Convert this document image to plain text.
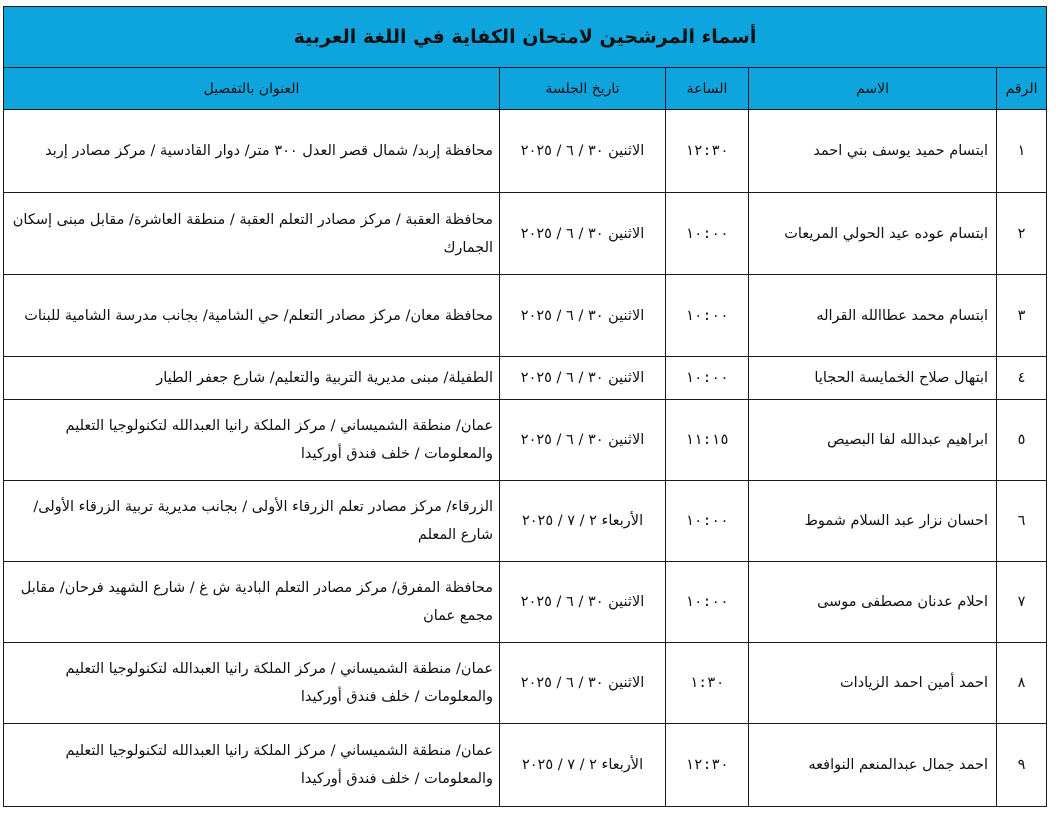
أسماء المرشحين لامتحان الكفاية في اللغة العربية				
الرقم	الاسم	الساعة	تاريخ الجلسة	العنوان بالتفصيل
١	ابتسام حميد يوسف بني احمد	١٢:٣٠	الاثنين ٣٠ / ٦ / ٢٠٢٥	محافظة إربد/ شمال قصر العدل ٣٠٠ متر/ دوار القادسية / مركز مصادر إربد
٢	ابتسام عوده عيد الحولي المريعات	١٠:٠٠	الاثنين ٣٠ / ٦ / ٢٠٢٥	محافظة العقبة / مركز مصادر التعلم العقبة / منطقة العاشرة/ مقابل مبنى إسكان الجمارك
٣	ابتسام محمد عطاالله القراله	١٠:٠٠	الاثنين ٣٠ / ٦ / ٢٠٢٥	محافظة معان/ مركز مصادر التعلم/ حي الشامية/ بجانب مدرسة الشامية للبنات
٤	ابتهال صلاح الخمايسة الحجايا	١٠:٠٠	الاثنين ٣٠ / ٦ / ٢٠٢٥	الطفيلة/ مبنى مديرية التربية والتعليم/ شارع جعفر الطيار
٥	ابراهيم عبدالله لفا البصيص	١١:١٥	الاثنين ٣٠ / ٦ / ٢٠٢٥	عمان/ منطقة الشميساني / مركز الملكة رانيا العبدالله لتكنولوجيا التعليم والمعلومات / خلف فندق أوركيدا
٦	احسان نزار عبد السلام شموط	١٠:٠٠	الأربعاء ٢ / ٧ / ٢٠٢٥	الزرقاء/ مركز مصادر تعلم الزرقاء الأولى / بجانب مديرية تربية الزرقاء الأولى/ شارع المعلم
٧	احلام عدنان مصطفى موسى	١٠:٠٠	الاثنين ٣٠ / ٦ / ٢٠٢٥	محافظة المفرق/ مركز مصادر التعلم البادية ش غ / شارع الشهيد فرحان/ مقابل مجمع عمان
٨	احمد أمين احمد الزيادات	١:٣٠	الاثنين ٣٠ / ٦ / ٢٠٢٥	عمان/ منطقة الشميساني / مركز الملكة رانيا العبدالله لتكنولوجيا التعليم والمعلومات / خلف فندق أوركيدا
٩	احمد جمال عبدالمنعم النوافعه	١٢:٣٠	الأربعاء ٢ / ٧ / ٢٠٢٥	عمان/ منطقة الشميساني / مركز الملكة رانيا العبدالله لتكنولوجيا التعليم والمعلومات / خلف فندق أوركيدا
